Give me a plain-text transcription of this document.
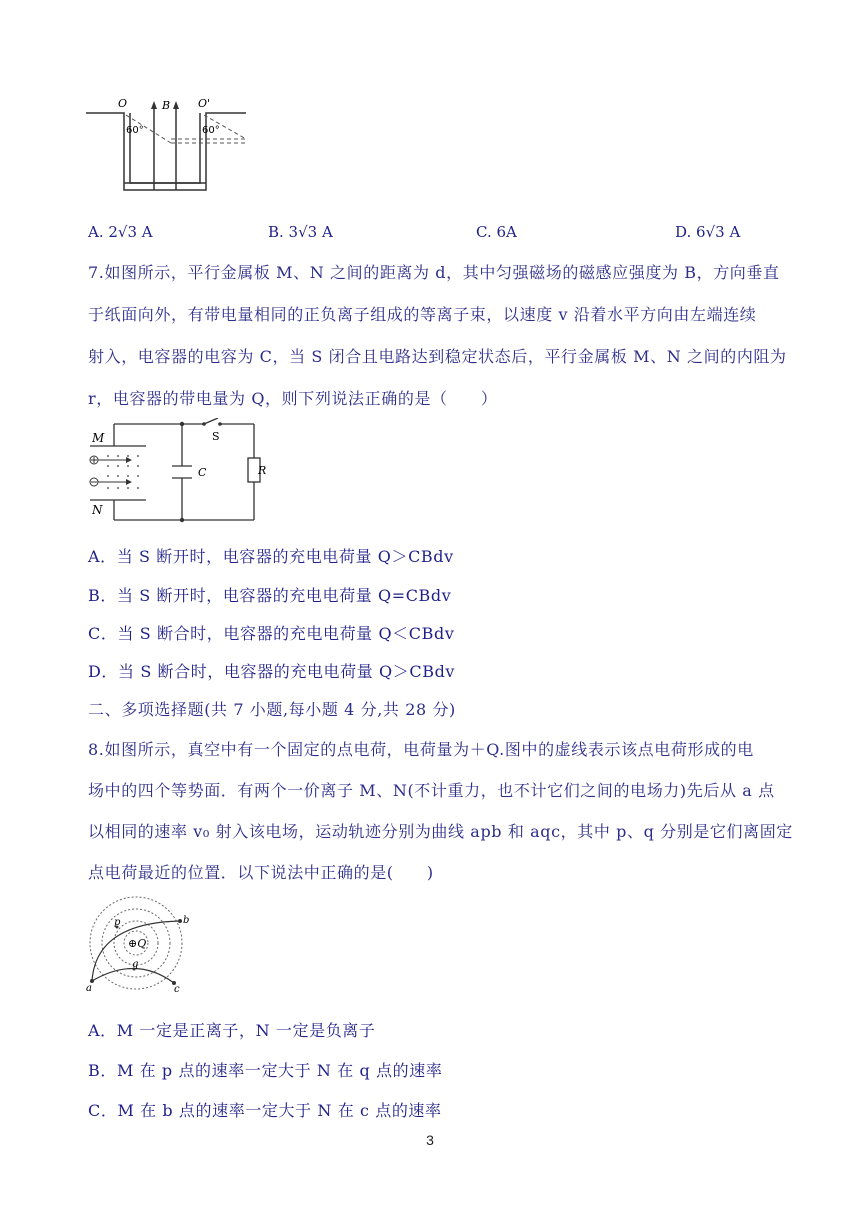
O	B	O'
60°	60°
A. 2√3 A	B. 3√3 A	C. 6A	D. 6√3 A
7.如图所示，平行金属板 M、N 之间的距离为 d，其中匀强磁场的磁感应强度为 B，方向垂直
于纸面向外，有带电量相同的正负离子组成的等离子束，以速度 v 沿着水平方向由左端连续
射入，电容器的电容为 C，当 S 闭合且电路达到稳定状态后，平行金属板 M、N 之间的内阻为
r，电容器的带电量为 Q，则下列说法正确的是（　　）
M
N
C	R
S
A．当 S 断开时，电容器的充电电荷量 Q＞CBdv
B．当 S 断开时，电容器的充电电荷量 Q=CBdv
C．当 S 断合时，电容器的充电电荷量 Q＜CBdv
D．当 S 断合时，电容器的充电电荷量 Q＞CBdv
二、多项选择题(共 7 小题,每小题 4 分,共 28 分)
8.如图所示，真空中有一个固定的点电荷，电荷量为＋Q.图中的虚线表示该点电荷形成的电
场中的四个等势面．有两个一价离子 M、N(不计重力，也不计它们之间的电场力)先后从 a 点
以相同的速率 v₀ 射入该电场，运动轨迹分别为曲线 apb 和 aqc，其中 p、q 分别是它们离固定
点电荷最近的位置．以下说法中正确的是(　　)
⊕Q
p	b
q
a	c
A．M 一定是正离子，N 一定是负离子
B．M 在 p 点的速率一定大于 N 在 q 点的速率
C．M 在 b 点的速率一定大于 N 在 c 点的速率
3
